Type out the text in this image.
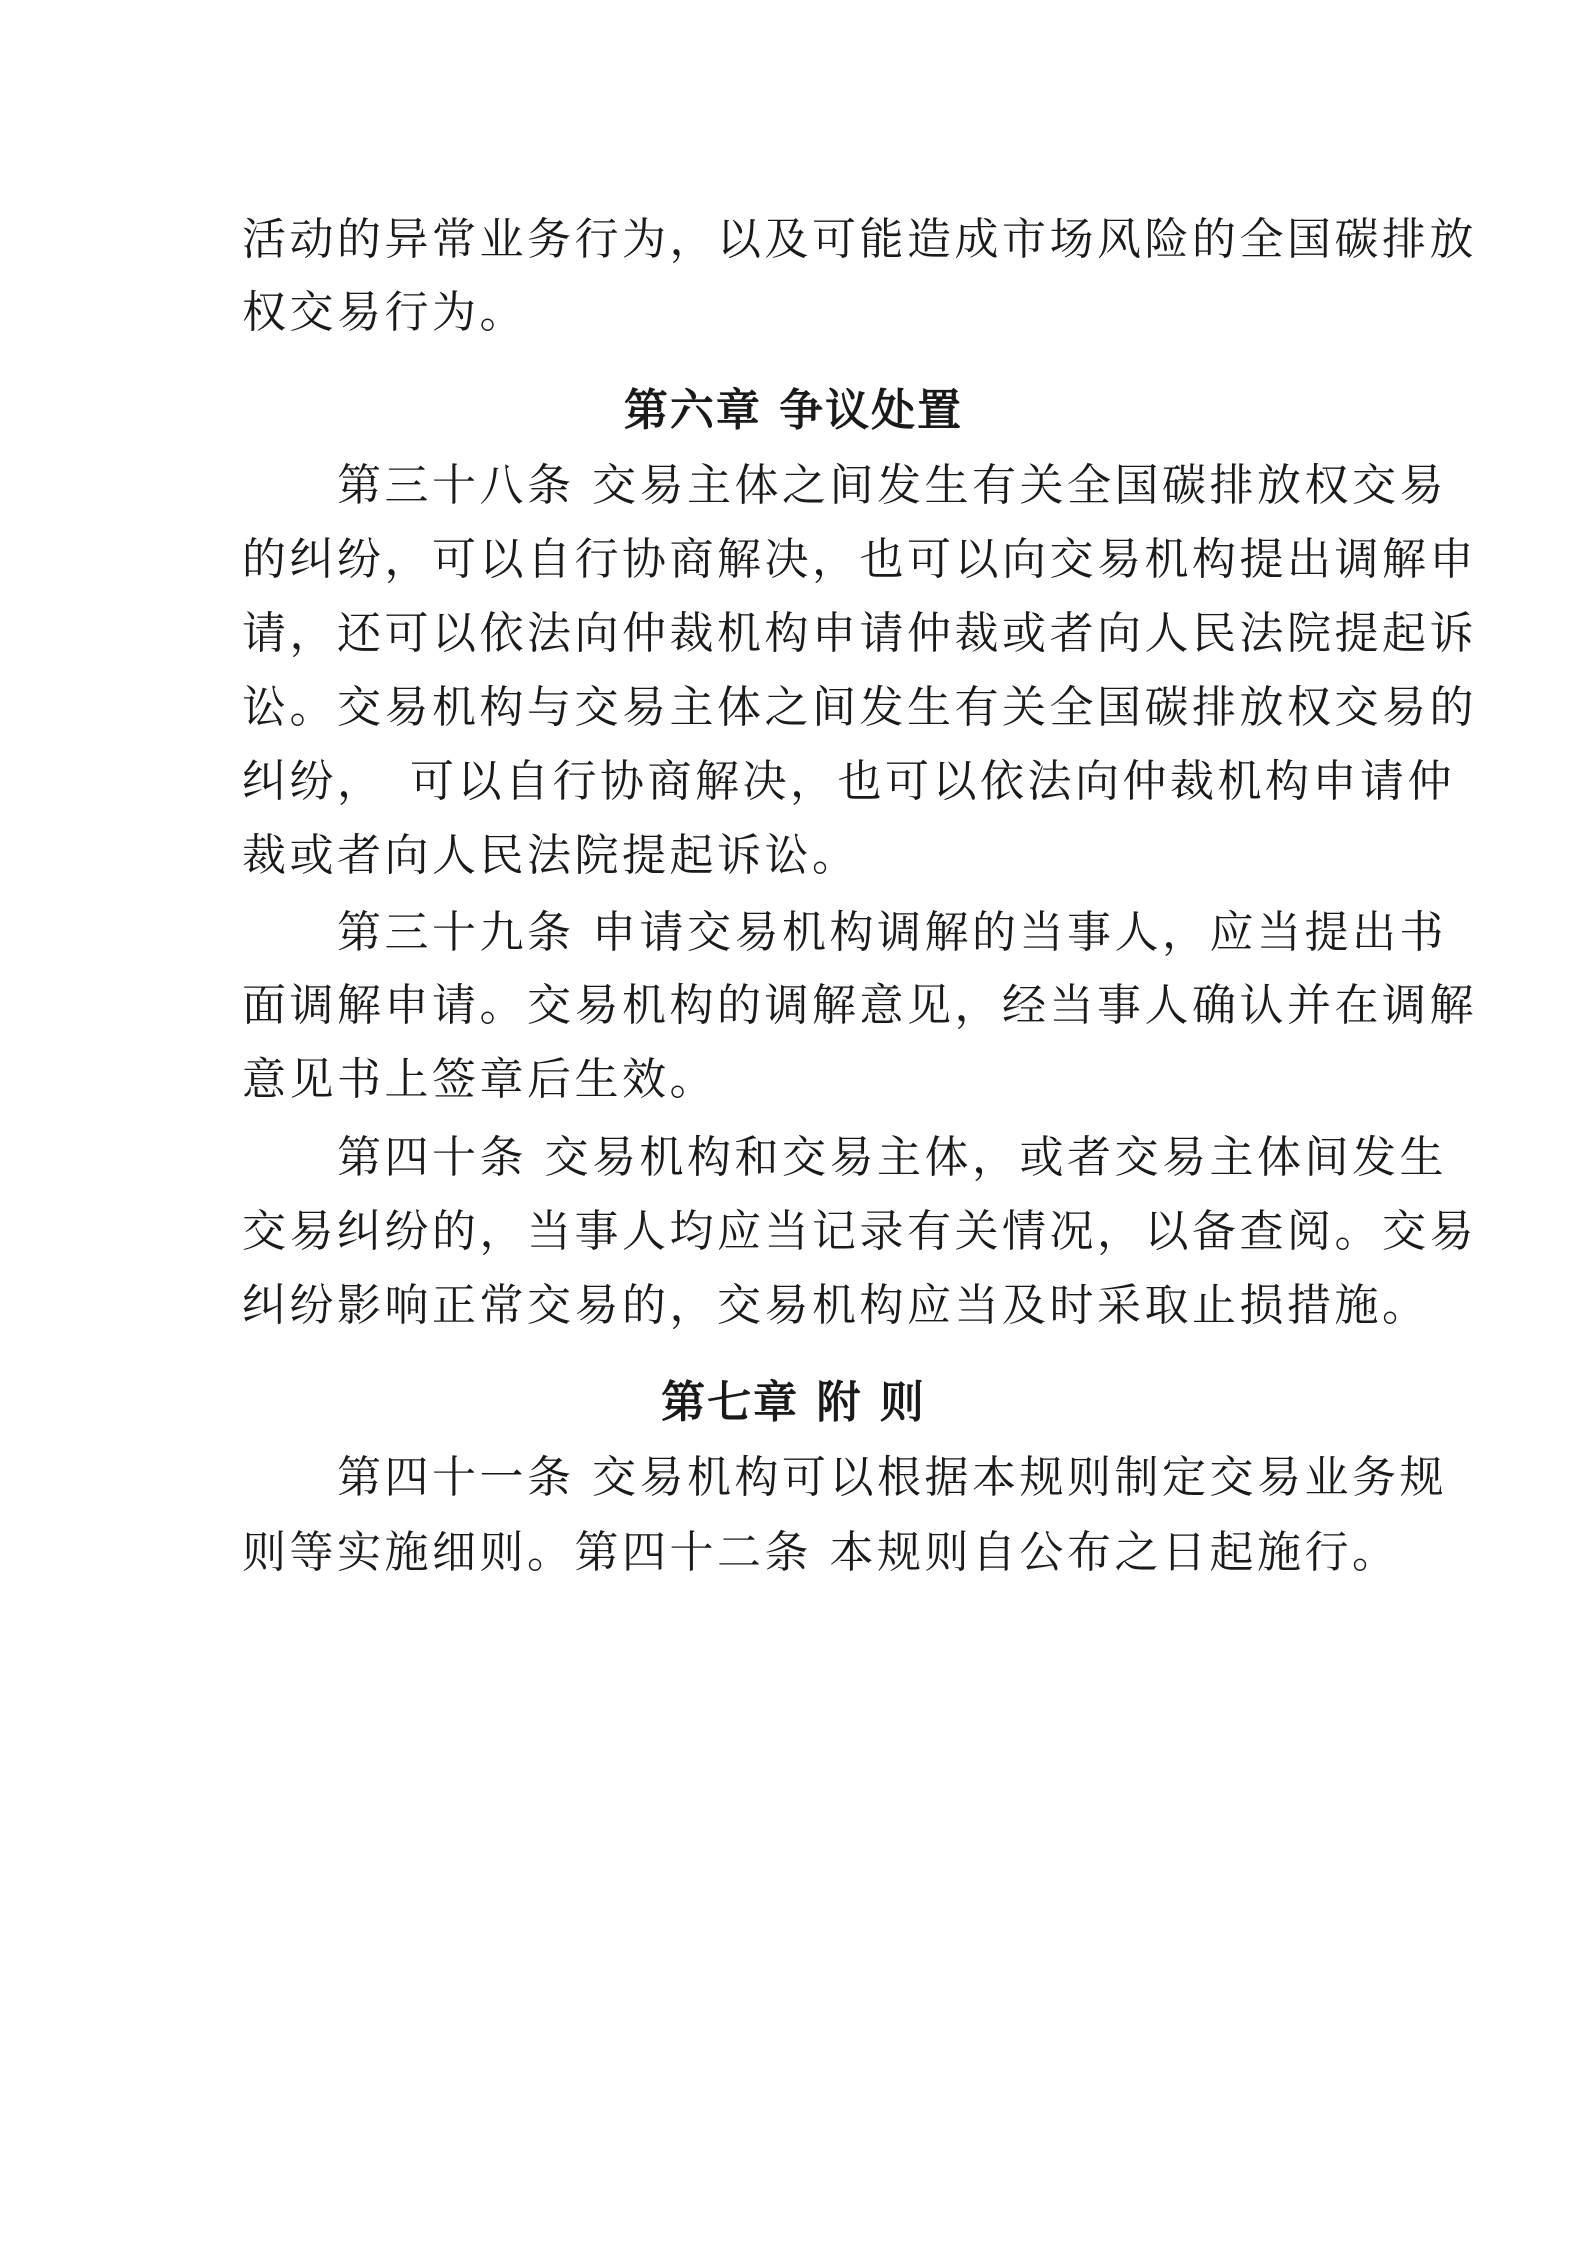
活动的异常业务行为，以及可能造成市场风险的全国碳排放
权交易行为。
第六章 争议处置
　　第三十八条 交易主体之间发生有关全国碳排放权交易
的纠纷，可以自行协商解决，也可以向交易机构提出调解申
请，还可以依法向仲裁机构申请仲裁或者向人民法院提起诉
讼。交易机构与交易主体之间发生有关全国碳排放权交易的
纠纷，　可以自行协商解决，也可以依法向仲裁机构申请仲
裁或者向人民法院提起诉讼。
　　第三十九条 申请交易机构调解的当事人，应当提出书
面调解申请。交易机构的调解意见，经当事人确认并在调解
意见书上签章后生效。
　　第四十条 交易机构和交易主体，或者交易主体间发生
交易纠纷的，当事人均应当记录有关情况，以备查阅。交易
纠纷影响正常交易的，交易机构应当及时采取止损措施。
第七章 附 则
　　第四十一条 交易机构可以根据本规则制定交易业务规
则等实施细则。第四十二条 本规则自公布之日起施行。
